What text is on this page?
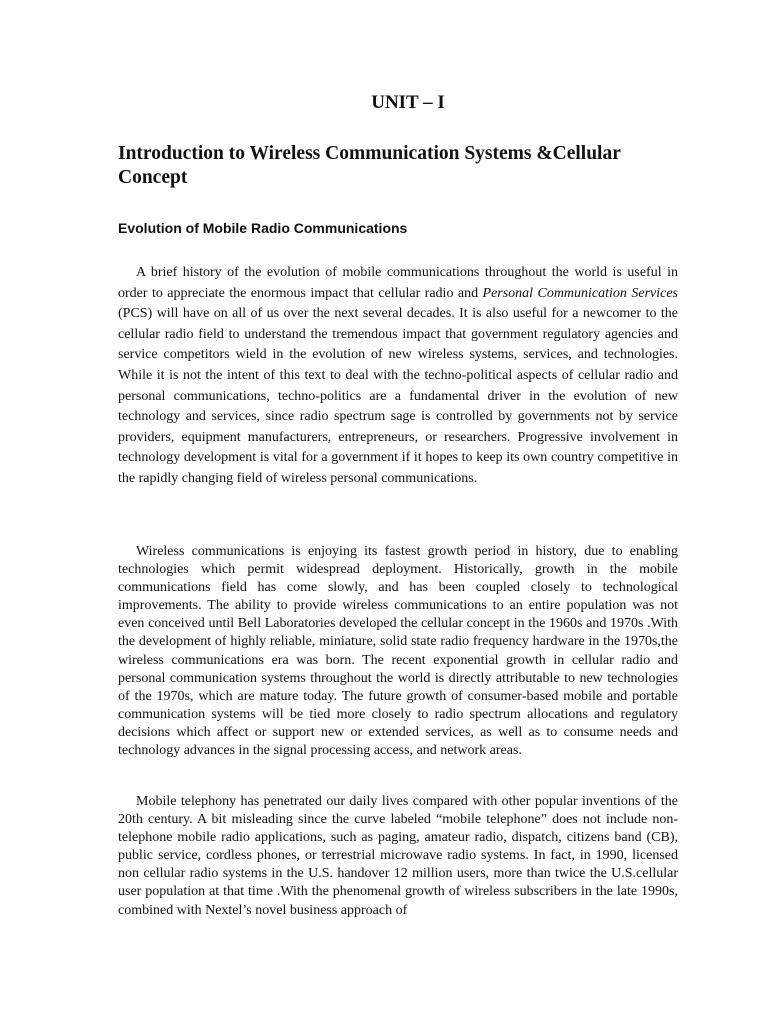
UNIT – I
Introduction to Wireless Communication Systems &Cellular Concept
Evolution of Mobile Radio Communications

A brief history of the evolution of mobile communications throughout the world is useful in order to appreciate the enormous impact that cellular radio and Personal Communication Services (PCS) will have on all of us over the next several decades. It is also useful for a newcomer to the cellular radio field to understand the tremendous impact that government regulatory agencies and service competitors wield in the evolution of new wireless systems, services, and technologies. While it is not the intent of this text to deal with the techno-political aspects of cellular radio and personal communications, techno-politics are a fundamental driver in the evolution of new technology and services, since radio spectrum sage is controlled by governments not by service providers, equipment manufacturers, entrepreneurs, or researchers. Progressive involvement in technology development is vital for a government if it hopes to keep its own country competitive in the rapidly changing field of wireless personal communications.

Wireless communications is enjoying its fastest growth period in history, due to enabling technologies which permit widespread deployment. Historically, growth in the mobile communications field has come slowly, and has been coupled closely to technological improvements. The ability to provide wireless communications to an entire population was not even conceived until Bell Laboratories developed the cellular concept in the 1960s and 1970s .With the development of highly reliable, miniature, solid state radio frequency hardware in the 1970s,the wireless communications era was born. The recent exponential growth in cellular radio and personal communication systems throughout the world is directly attributable to new technologies of the 1970s, which are mature today. The future growth of consumer-based mobile and portable communication systems will be tied more closely to radio spectrum allocations and regulatory decisions which affect or support new or extended services, as well as to consume needs and technology advances in the signal processing access, and network areas.

Mobile telephony has penetrated our daily lives compared with other popular inventions of the 20th century. A bit misleading since the curve labeled “mobile telephone” does not include non-telephone mobile radio applications, such as paging, amateur radio, dispatch, citizens band (CB), public service, cordless phones, or terrestrial microwave radio systems. In fact, in 1990, licensed non cellular radio systems in the U.S. handover 12 million users, more than twice the U.S.cellular user population at that time .With the phenomenal growth of wireless subscribers in the late 1990s, combined with Nextel’s novel business approach of
